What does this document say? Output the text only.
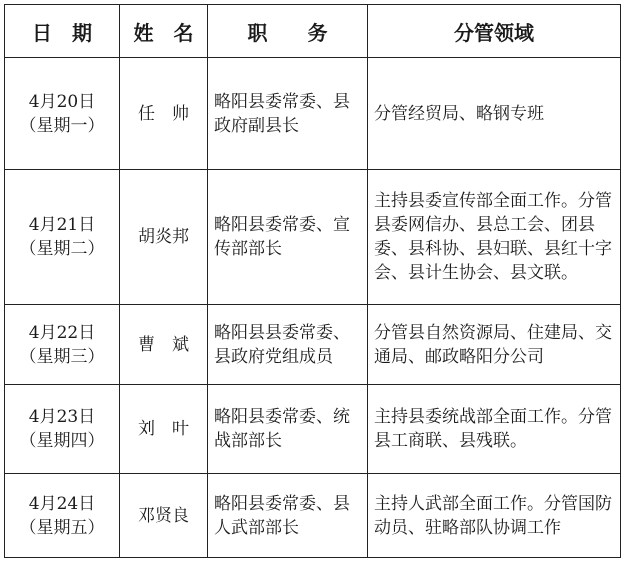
日　期	姓　名	职　　务	分管领域

4月20日
（星期一）	任　帅	略阳县委常委、县政府副县长	分管经贸局、略钢专班

4月21日
（星期二）	胡炎邦	略阳县委常委、宣传部部长	主持县委宣传部全面工作。分管县委网信办、县总工会、团县委、县科协、县妇联、县红十字会、县计生协会、县文联。

4月22日
（星期三）	曹　斌	略阳县县委常委、县政府党组成员	分管县自然资源局、住建局、交通局、邮政略阳分公司

4月23日
（星期四）	刘　叶	略阳县委常委、统战部部长	主持县委统战部全面工作。分管县工商联、县残联。

4月24日
（星期五）	邓贤良	略阳县委常委、县人武部部长	主持人武部全面工作。分管国防动员、驻略部队协调工作
